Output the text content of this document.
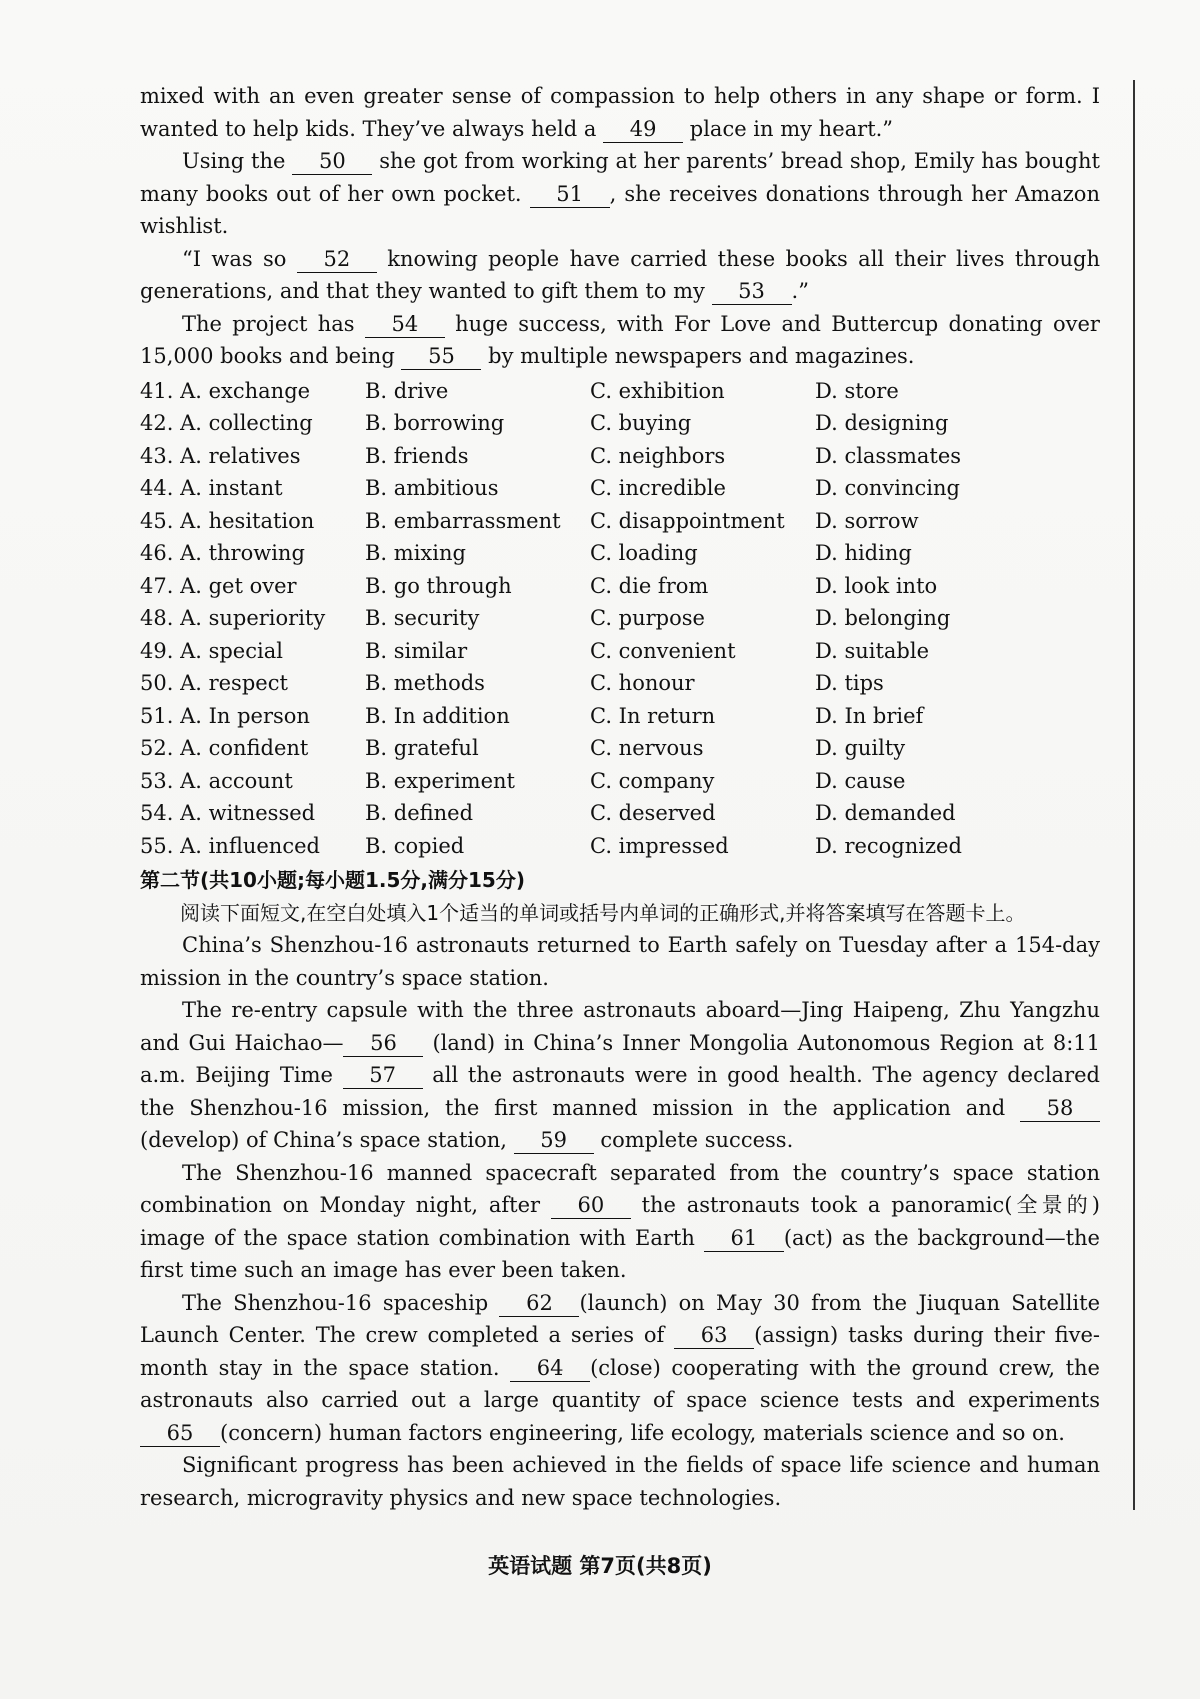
mixed with an even greater sense of compassion to help others in any shape or form. I wanted to help kids. They’ve always held a 49 place in my heart.”

Using the 50 she got from working at her parents’ bread shop, Emily has bought many books out of her own pocket. 51 , she receives donations through her Amazon wishlist.

“I was so 52 knowing people have carried these books all their lives through generations, and that they wanted to gift them to my 53 .”

The project has 54 huge success, with For Love and Buttercup donating over 15,000 books and being 55 by multiple newspapers and magazines.

41. A. exchange	B. drive	C. exhibition	D. store
42. A. collecting	B. borrowing	C. buying	D. designing
43. A. relatives	B. friends	C. neighbors	D. classmates
44. A. instant	B. ambitious	C. incredible	D. convincing
45. A. hesitation	B. embarrassment	C. disappointment	D. sorrow
46. A. throwing	B. mixing	C. loading	D. hiding
47. A. get over	B. go through	C. die from	D. look into
48. A. superiority	B. security	C. purpose	D. belonging
49. A. special	B. similar	C. convenient	D. suitable
50. A. respect	B. methods	C. honour	D. tips
51. A. In person	B. In addition	C. In return	D. In brief
52. A. confident	B. grateful	C. nervous	D. guilty
53. A. account	B. experiment	C. company	D. cause
54. A. witnessed	B. defined	C. deserved	D. demanded
55. A. influenced	B. copied	C. impressed	D. recognized

第二节(共10小题;每小题1.5分,满分15分)

阅读下面短文,在空白处填入1个适当的单词或括号内单词的正确形式,并将答案填写在答题卡上。

China’s Shenzhou-16 astronauts returned to Earth safely on Tuesday after a 154-day mission in the country’s space station.

The re-entry capsule with the three astronauts aboard—Jing Haipeng, Zhu Yangzhu and Gui Haichao— 56 (land) in China’s Inner Mongolia Autonomous Region at 8:11 a.m. Beijing Time 57 all the astronauts were in good health. The agency declared the Shenzhou-16 mission, the first manned mission in the application and 58(develop) of China’s space station, 59 complete success.

The Shenzhou-16 manned spacecraft separated from the country’s space station combination on Monday night, after 60 the astronauts took a panoramic(全景的) image of the space station combination with Earth 61 (act) as the background—the first time such an image has ever been taken.

The Shenzhou-16 spaceship 62 (launch) on May 30 from the Jiuquan Satellite Launch Center. The crew completed a series of 63 (assign) tasks during their five-month stay in the space station. 64 (close) cooperating with the ground crew, the astronauts also carried out a large quantity of space science tests and experiments 65 (concern) human factors engineering, life ecology, materials science and so on.

Significant progress has been achieved in the fields of space life science and human research, microgravity physics and new space technologies.

英语试题 第7页(共8页)
